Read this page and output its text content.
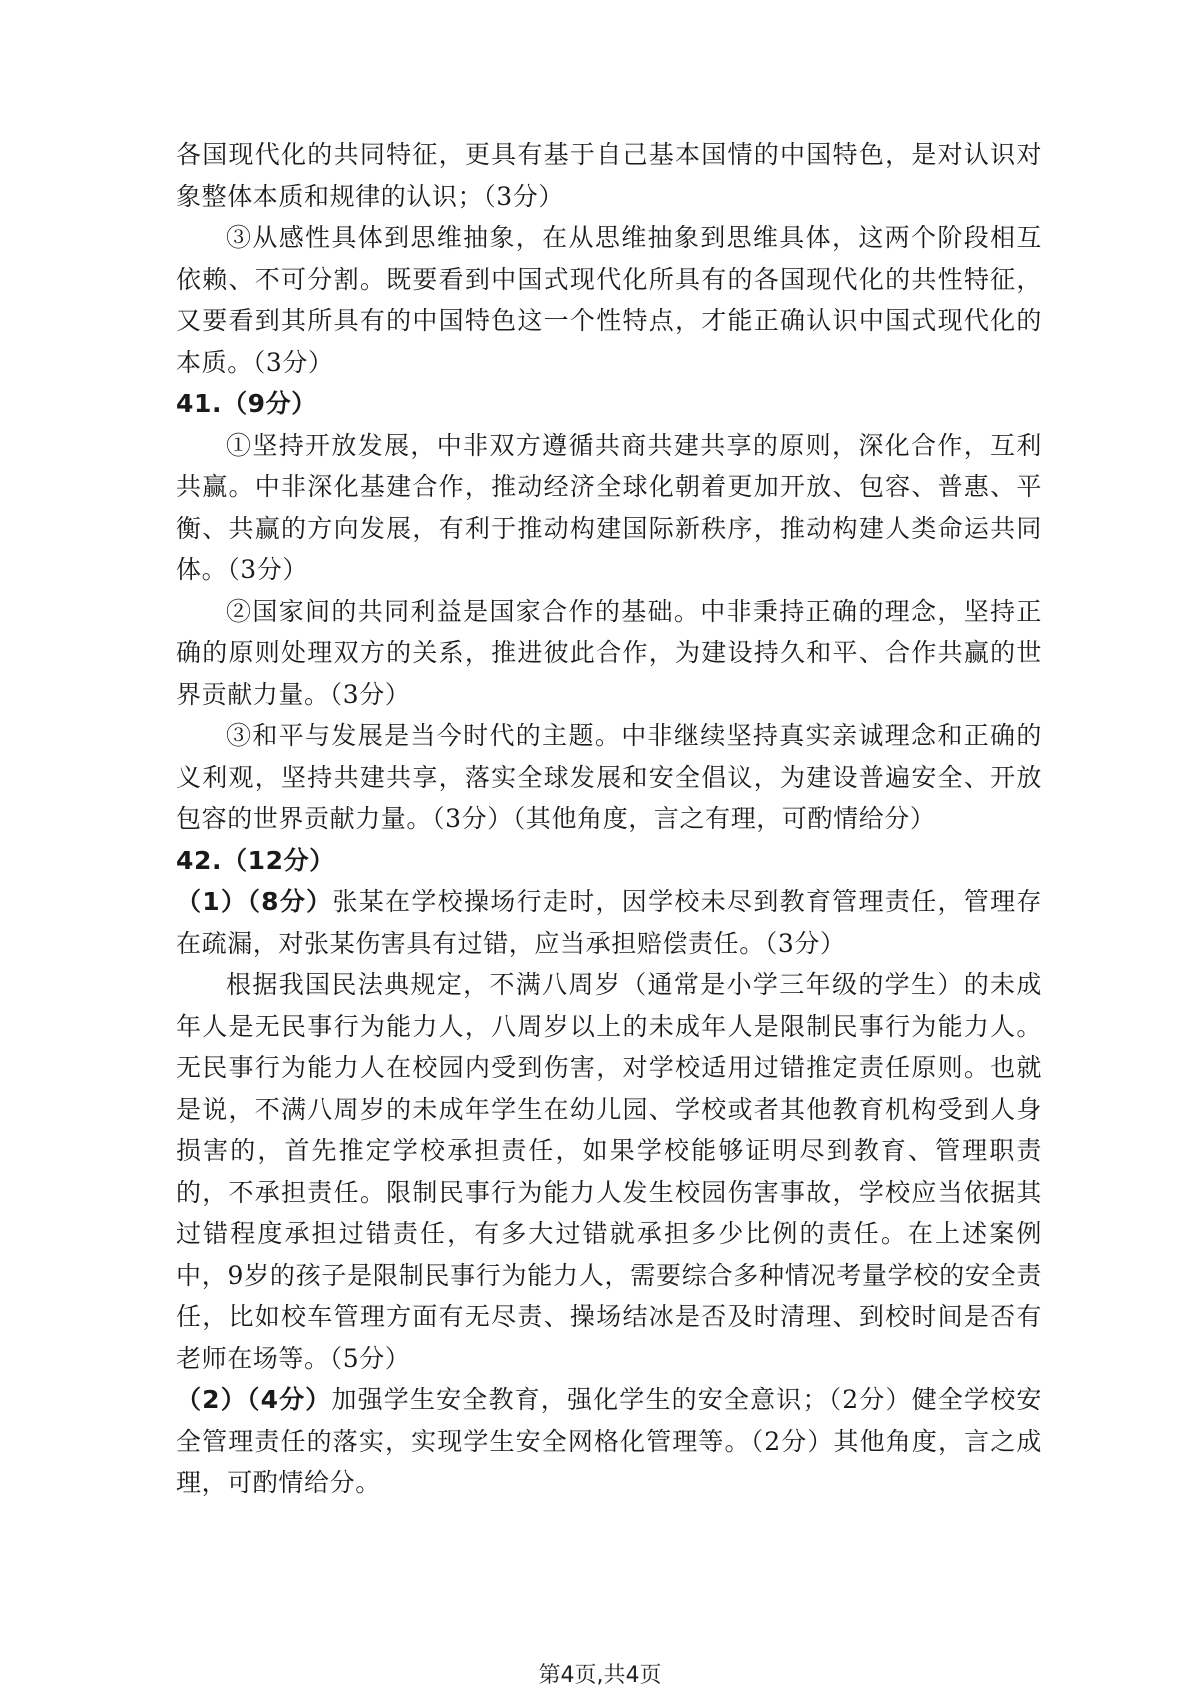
各国现代化的共同特征，更具有基于自己基本国情的中国特色，是对认识对象整体本质和规律的认识；（3分）

③从感性具体到思维抽象，在从思维抽象到思维具体，这两个阶段相互依赖、不可分割。既要看到中国式现代化所具有的各国现代化的共性特征，又要看到其所具有的中国特色这一个性特点，才能正确认识中国式现代化的本质。（3分）

41.（9分）

①坚持开放发展，中非双方遵循共商共建共享的原则，深化合作，互利共赢。中非深化基建合作，推动经济全球化朝着更加开放、包容、普惠、平衡、共赢的方向发展，有利于推动构建国际新秩序，推动构建人类命运共同体。（3分）

②国家间的共同利益是国家合作的基础。中非秉持正确的理念，坚持正确的原则处理双方的关系，推进彼此合作，为建设持久和平、合作共赢的世界贡献力量。（3分）

③和平与发展是当今时代的主题。中非继续坚持真实亲诚理念和正确的义利观，坚持共建共享，落实全球发展和安全倡议，为建设普遍安全、开放包容的世界贡献力量。（3分）（其他角度，言之有理，可酌情给分）

42.（12分）

（1）（8分）张某在学校操场行走时，因学校未尽到教育管理责任，管理存在疏漏，对张某伤害具有过错，应当承担赔偿责任。（3分）

根据我国民法典规定，不满八周岁（通常是小学三年级的学生）的未成年人是无民事行为能力人，八周岁以上的未成年人是限制民事行为能力人。无民事行为能力人在校园内受到伤害，对学校适用过错推定责任原则。也就是说，不满八周岁的未成年学生在幼儿园、学校或者其他教育机构受到人身损害的，首先推定学校承担责任，如果学校能够证明尽到教育、管理职责的，不承担责任。限制民事行为能力人发生校园伤害事故，学校应当依据其过错程度承担过错责任，有多大过错就承担多少比例的责任。在上述案例中，9岁的孩子是限制民事行为能力人，需要综合多种情况考量学校的安全责任，比如校车管理方面有无尽责、操场结冰是否及时清理、到校时间是否有老师在场等。（5分）

（2）（4分）加强学生安全教育，强化学生的安全意识；（2分）健全学校安全管理责任的落实，实现学生安全网格化管理等。（2分）其他角度，言之成理，可酌情给分。

第4页,共4页
